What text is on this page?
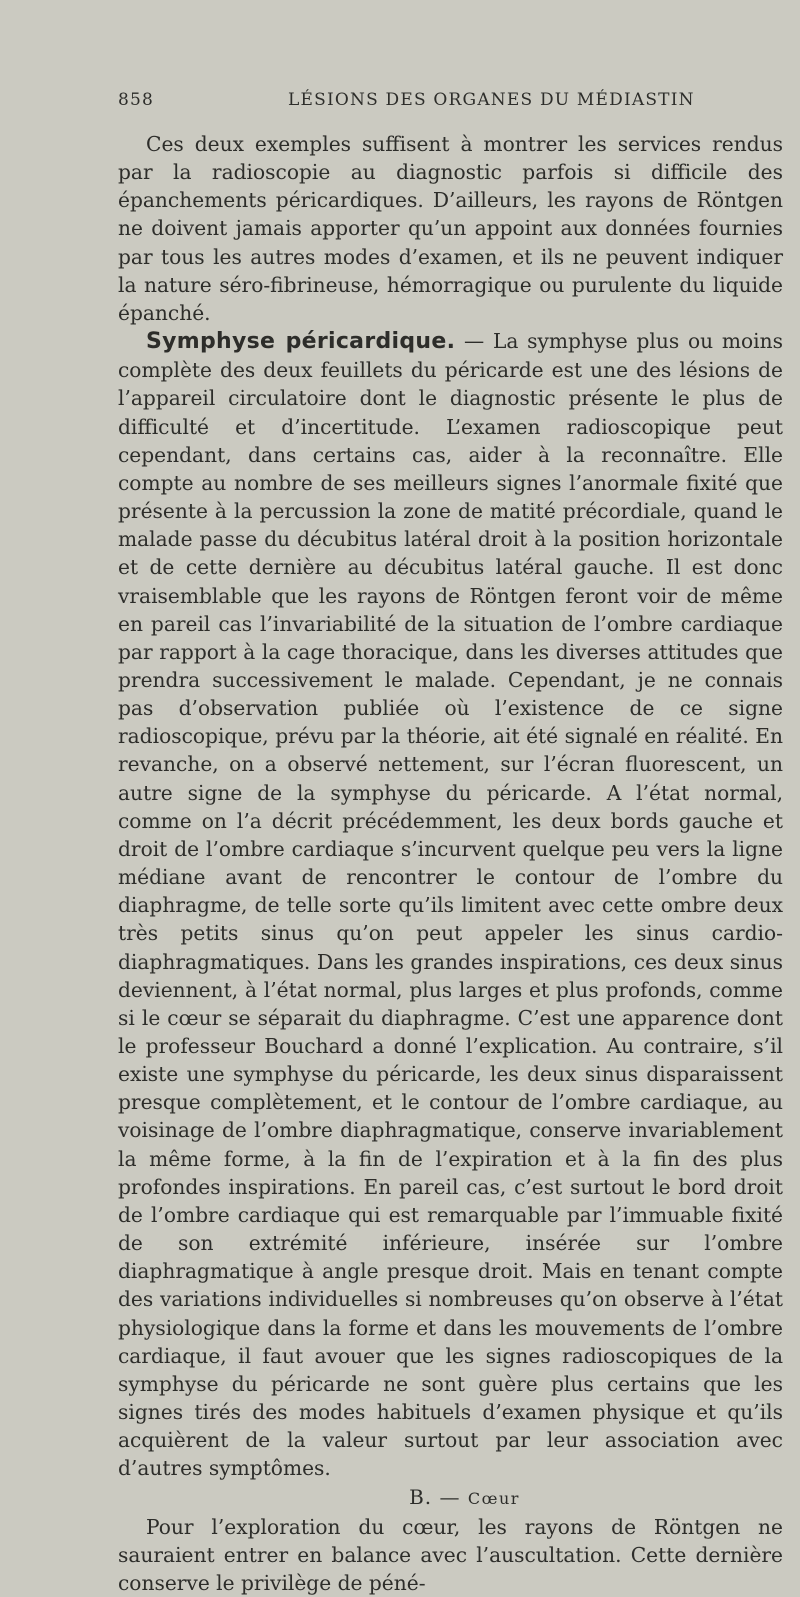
858	LÉSIONS DES ORGANES DU MÉDIASTIN

Ces deux exemples suffisent à montrer les services rendus par la radioscopie au diagnostic parfois si difficile des épanchements péricardiques. D’ailleurs, les rayons de Röntgen ne doivent jamais apporter qu’un appoint aux données fournies par tous les autres modes d’examen, et ils ne peuvent indiquer la nature séro-fibrineuse, hémorragique ou purulente du liquide épanché.

Symphyse péricardique. — La symphyse plus ou moins complète des deux feuillets du péricarde est une des lésions de l’appareil circulatoire dont le diagnostic présente le plus de difficulté et d’incertitude. L’examen radioscopique peut cependant, dans certains cas, aider à la reconnaître. Elle compte au nombre de ses meilleurs signes l’anormale fixité que présente à la percussion la zone de matité précordiale, quand le malade passe du décubitus latéral droit à la position horizontale et de cette dernière au décubitus latéral gauche. Il est donc vraisemblable que les rayons de Röntgen feront voir de même en pareil cas l’invariabilité de la situation de l’ombre cardiaque par rapport à la cage thoracique, dans les diverses attitudes que prendra successivement le malade. Cependant, je ne connais pas d’observation publiée où l’existence de ce signe radioscopique, prévu par la théorie, ait été signalé en réalité. En revanche, on a observé nettement, sur l’écran fluorescent, un autre signe de la symphyse du péricarde. A l’état normal, comme on l’a décrit précédemment, les deux bords gauche et droit de l’ombre cardiaque s’incurvent quelque peu vers la ligne médiane avant de rencontrer le contour de l’ombre du diaphragme, de telle sorte qu’ils limitent avec cette ombre deux très petits sinus qu’on peut appeler les sinus cardio-diaphragmatiques. Dans les grandes inspirations, ces deux sinus deviennent, à l’état normal, plus larges et plus profonds, comme si le cœur se séparait du diaphragme. C’est une apparence dont le professeur Bouchard a donné l’explication. Au contraire, s’il existe une symphyse du péricarde, les deux sinus disparaissent presque complètement, et le contour de l’ombre cardiaque, au voisinage de l’ombre diaphragmatique, conserve invariablement la même forme, à la fin de l’expiration et à la fin des plus profondes inspirations. En pareil cas, c’est surtout le bord droit de l’ombre cardiaque qui est remarquable par l’immuable fixité de son extrémité inférieure, insérée sur l’ombre diaphragmatique à angle presque droit. Mais en tenant compte des variations individuelles si nombreuses qu’on observe à l’état physiologique dans la forme et dans les mouvements de l’ombre cardiaque, il faut avouer que les signes radioscopiques de la symphyse du péricarde ne sont guère plus certains que les signes tirés des modes habituels d’examen physique et qu’ils acquièrent de la valeur surtout par leur association avec d’autres symptômes.

B. — Cœur

Pour l’exploration du cœur, les rayons de Röntgen ne sauraient entrer en balance avec l’auscultation. Cette dernière conserve le privilège de péné-
